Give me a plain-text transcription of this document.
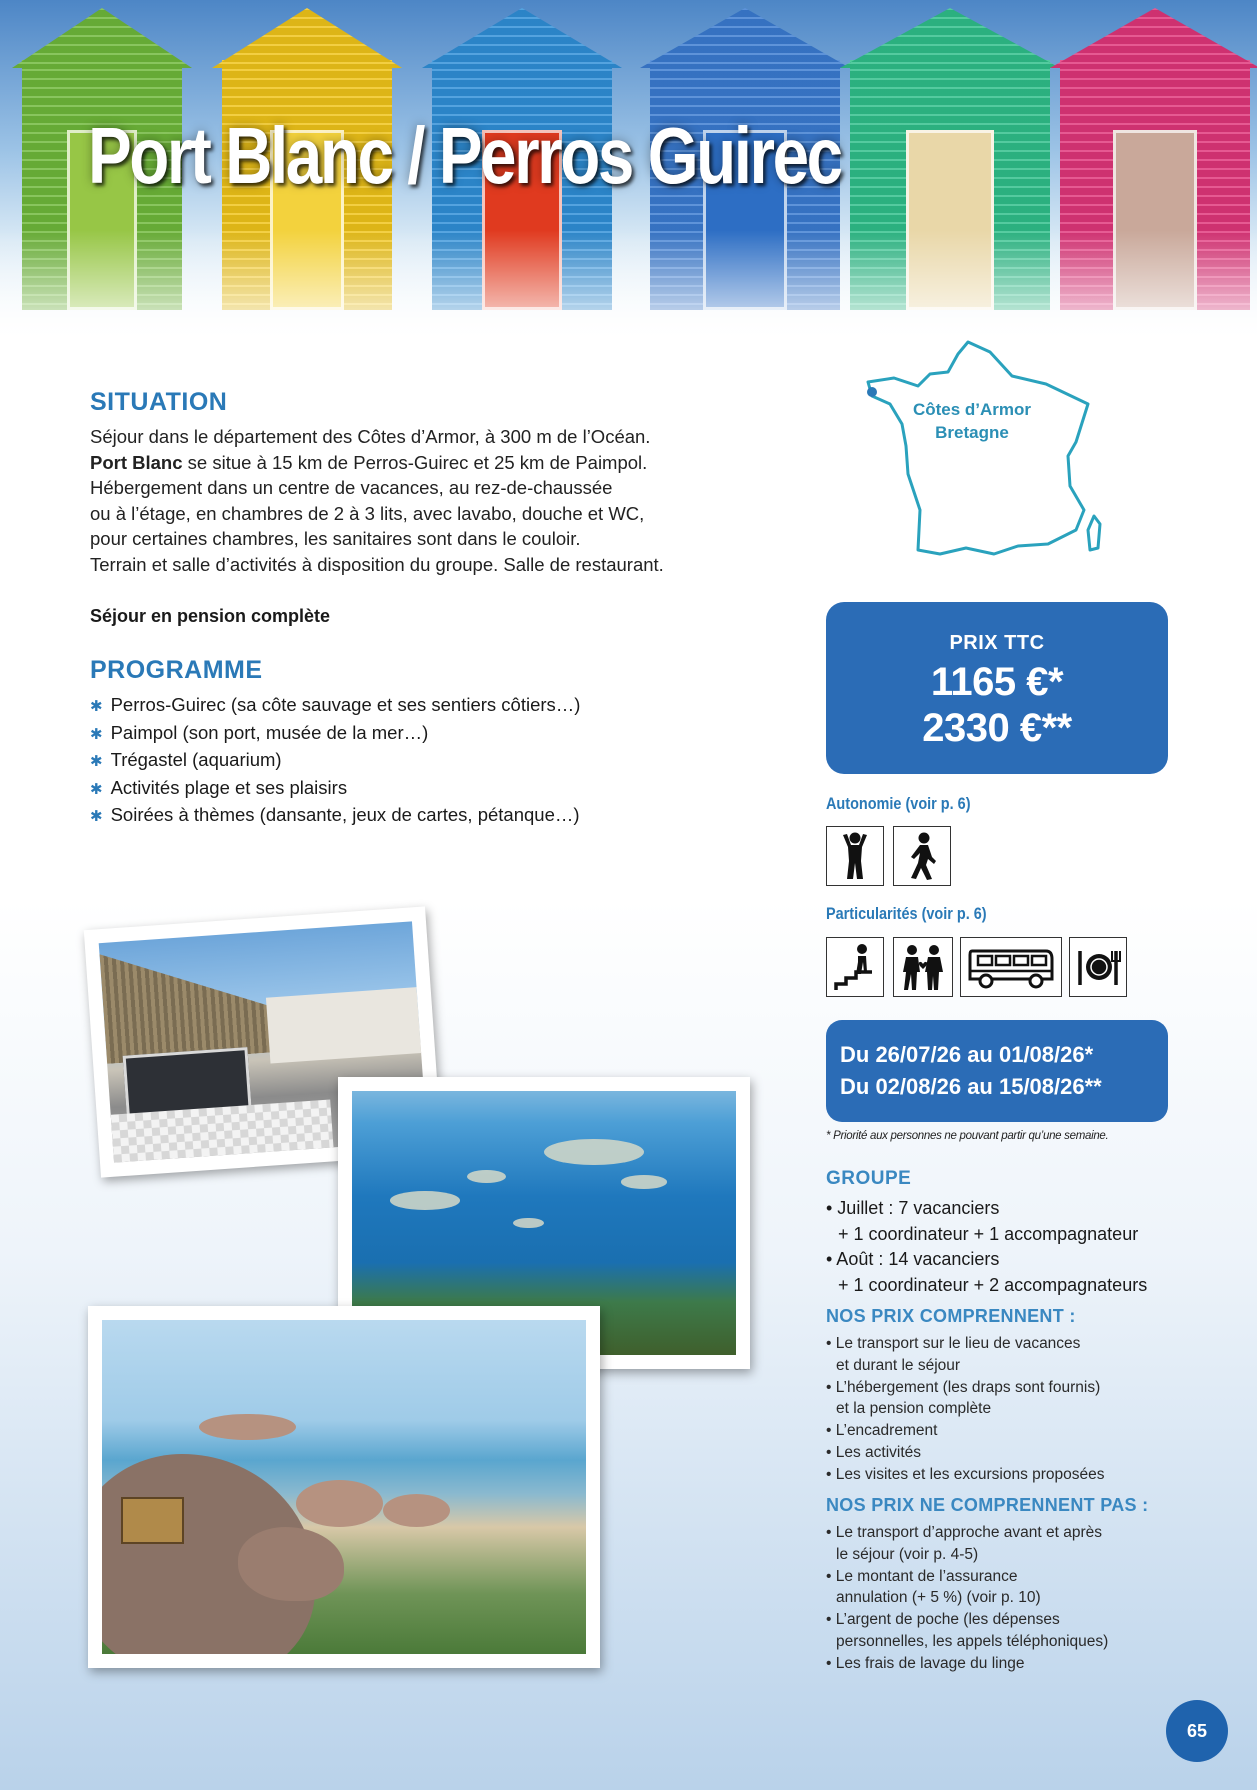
Port Blanc / Perros Guirec
SITUATION

Séjour dans le département des Côtes d’Armor, à 300 m de l’Océan.

Port Blanc se situe à 15 km de Perros-Guirec et 25 km de Paimpol.

Hébergement dans un centre de vacances, au rez-de-chaussée

ou à l’étage, en chambres de 2 à 3 lits, avec lavabo, douche et WC,

pour certaines chambres, les sanitaires sont dans le couloir.

Terrain et salle d’activités à disposition du groupe. Salle de restaurant.

Séjour en pension complète
PROGRAMME
✱ Perros-Guirec (sa côte sauvage et ses sentiers côtiers…)
✱ Paimpol (son port, musée de la mer…)
✱ Trégastel (aquarium)
✱ Activités plage et ses plaisirs
✱ Soirées à thèmes (dansante, jeux de cartes, pétanque…)
Côtes d’Armor
Bretagne
PRIX TTC
1165 €*
2330 €**
Autonomie (voir p. 6)
Particularités (voir p. 6)

Du 26/07/26 au 01/08/26*

Du 02/08/26 au 15/08/26**

* Priorité aux personnes ne pouvant partir qu’une semaine.
GROUPE

• Juillet : 7 vacanciers

+ 1 coordinateur + 1 accompagnateur

• Août : 14 vacanciers

+ 1 coordinateur + 2 accompagnateurs

NOS PRIX COMPRENNENT :

• Le transport sur le lieu de vacances

et durant le séjour

• L’hébergement (les draps sont fournis)

et la pension complète

• L’encadrement

• Les activités

• Les visites et les excursions proposées

NOS PRIX NE COMPRENNENT PAS :

• Le transport d’approche avant et après

le séjour (voir p. 4-5)

• Le montant de l’assurance

annulation (+ 5 %) (voir p. 10)

• L’argent de poche (les dépenses

personnelles, les appels téléphoniques)

• Les frais de lavage du linge

65
